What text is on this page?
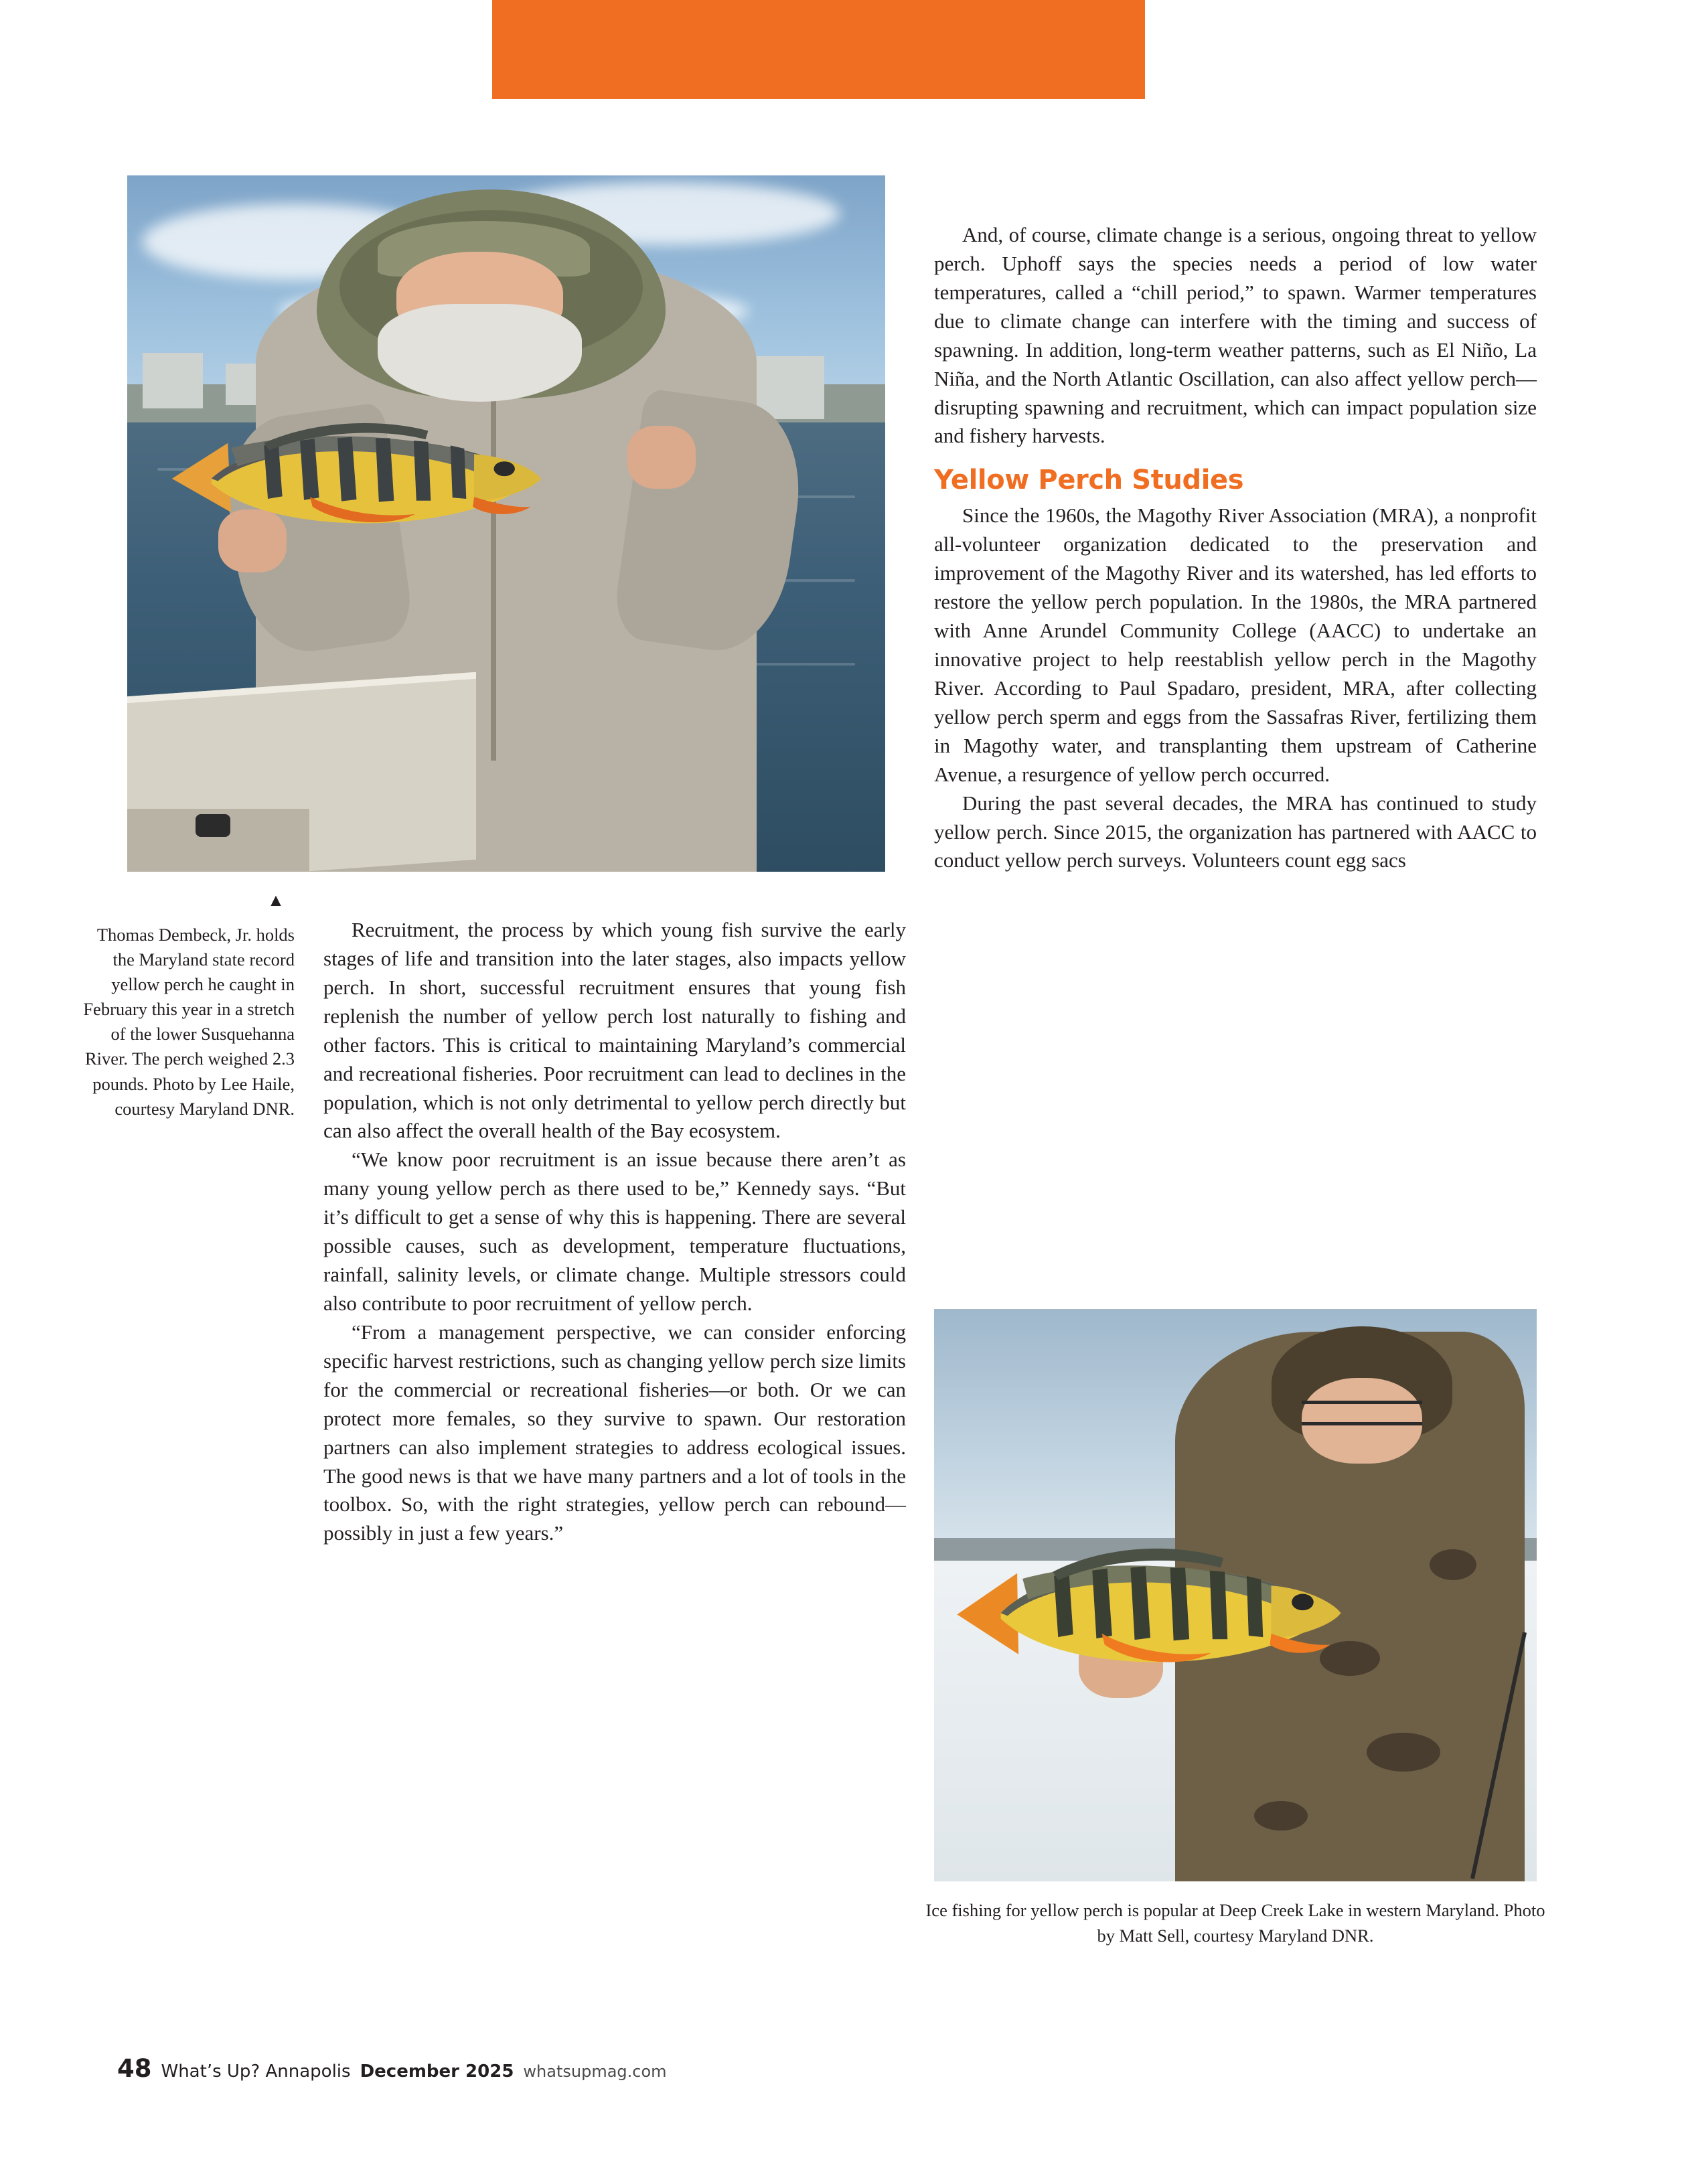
▲
Thomas Dembeck, Jr. holds the Maryland state record yellow perch he caught in February this year in a stretch of the lower Susquehanna River. The perch weighed 2.3 pounds. Photo by Lee Haile, courtesy Maryland DNR.

Recruitment, the process by which young fish survive the early stages of life and transition into the later stages, also impacts yellow perch. In short, successful recruitment ensures that young fish replenish the number of yellow perch lost naturally to fishing and other factors. This is critical to maintaining Maryland’s commercial and recreational fisheries. Poor recruitment can lead to declines in the population, which is not only detrimental to yellow perch directly but can also affect the overall health of the Bay ecosystem.

“We know poor recruitment is an issue because there aren’t as many young yellow perch as there used to be,” Kennedy says. “But it’s difficult to get a sense of why this is happening. There are several possible causes, such as development, temperature fluctuations, rainfall, salinity levels, or climate change. Multiple stressors could also contribute to poor recruitment of yellow perch.

“From a management perspective, we can consider enforcing specific harvest restrictions, such as changing yellow perch size limits for the commercial or recreational fisheries—or both. Or we can protect more females, so they survive to spawn. Our restoration partners can also implement strategies to address ecological issues. The good news is that we have many partners and a lot of tools in the toolbox. So, with the right strategies, yellow perch can rebound—possibly in just a few years.”

And, of course, climate change is a serious, ongoing threat to yellow perch. Uphoff says the species needs a period of low water temperatures, called a “chill period,” to spawn. Warmer temperatures due to climate change can interfere with the timing and success of spawning. In addition, long-term weather patterns, such as El Niño, La Niña, and the North Atlantic Oscillation, can also affect yellow perch—disrupting spawning and recruitment, which can impact population size and fishery harvests.

Yellow Perch Studies

Since the 1960s, the Magothy River Association (MRA), a nonprofit all-volunteer organization dedicated to the preservation and improvement of the Magothy River and its watershed, has led efforts to restore the yellow perch population. In the 1980s, the MRA partnered with Anne Arundel Community College (AACC) to undertake an innovative project to help reestablish yellow perch in the Magothy River. According to Paul Spadaro, president, MRA, after collecting yellow perch sperm and eggs from the Sassafras River, fertilizing them in Magothy water, and transplanting them upstream of Catherine Avenue, a resurgence of yellow perch occurred.

During the past several decades, the MRA has continued to study yellow perch. Since 2015, the organization has partnered with AACC to conduct yellow perch surveys. Volunteers count egg sacs

Ice fishing for yellow perch is popular at Deep Creek Lake in western Maryland. Photo by Matt Sell, courtesy Maryland DNR.
48 What’s Up? Annapolis December 2025 whatsupmag.com
